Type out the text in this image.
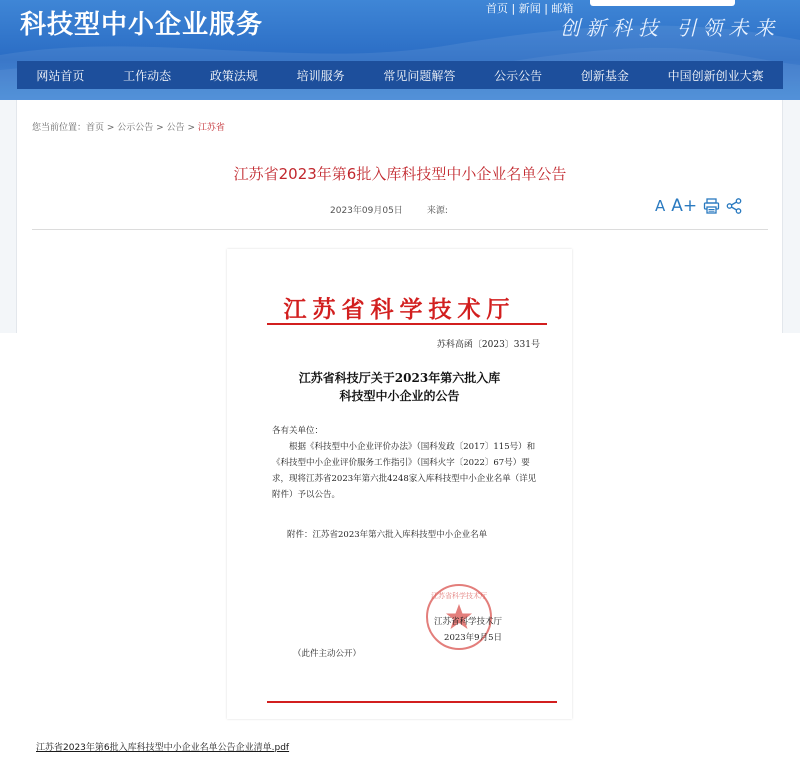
首页 | 新闻 | 邮箱
科技型中小企业服务	创新科技 引领未来
网站首页	工作动态	政策法规	培训服务	常见问题解答	公示公告	创新基金	中国创新创业大赛
您当前位置：首页 > 公示公告 > 公告 > 江苏省
江苏省2023年第6批入库科技型中小企业名单公告
2023年09月05日	来源:	A A+
江苏省科学技术厅
苏科高函〔2023〕331号
江苏省科技厅关于2023年第六批入库
科技型中小企业的公告

各有关单位：

根据《科技型中小企业评价办法》（国科发政〔2017〕115号）和《科技型中小企业评价服务工作指引》（国科火字〔2022〕67号）要求，现将江苏省2023年第六批4248家入库科技型中小企业名单（详见附件）予以公告。

附件：江苏省2023年第六批入库科技型中小企业名单
江苏省科学技术厅
江苏省科学技术厅
2023年9月5日
（此件主动公开）
江苏省2023年第6批入库科技型中小企业名单公告企业清单.pdf
